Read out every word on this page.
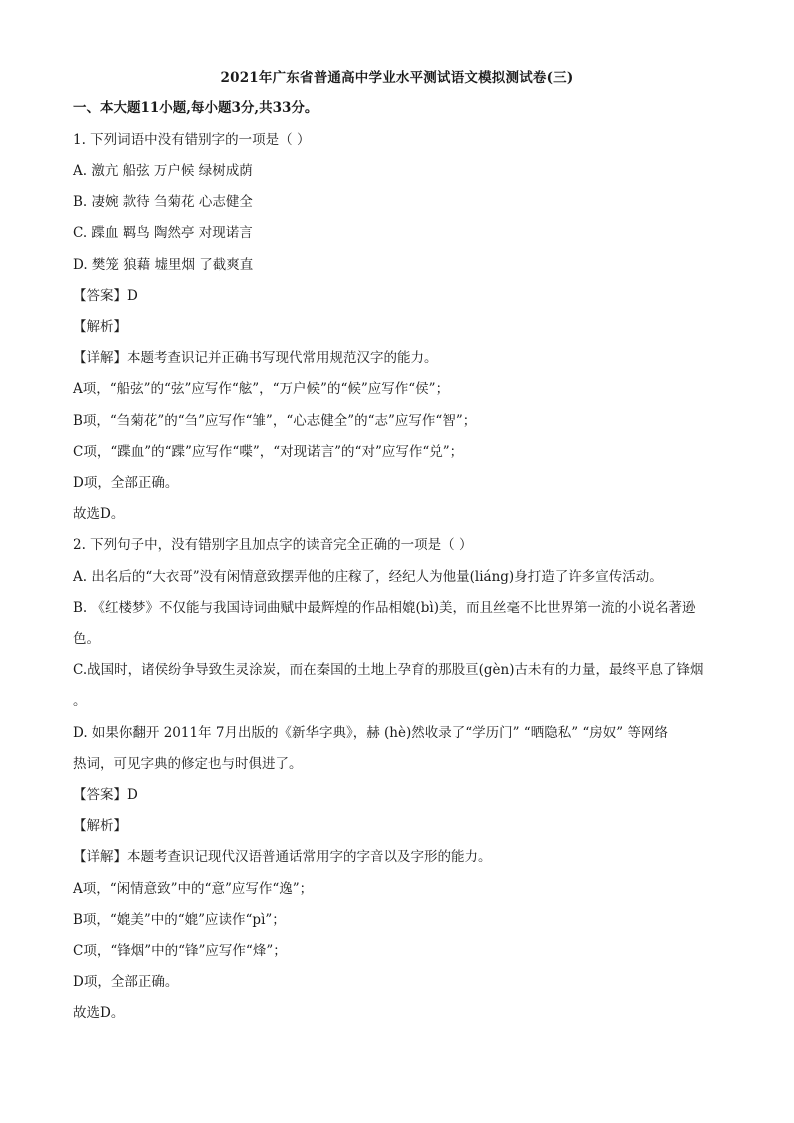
2021年广东省普通高中学业水平测试语文模拟测试卷(三)
一、本大题11小题,每小题3分,共33分。
1. 下列词语中没有错别字的一项是（ ）
A. 激亢 船弦 万户候 绿树成荫
B. 凄婉 款待 刍菊花 心志健全
C. 蹀血 羁鸟 陶然亭 对现诺言
D. 樊笼 狼藉 墟里烟 了截爽直
【答案】D
【解析】
【详解】本题考查识记并正确书写现代常用规范汉字的能力。
A项，“船弦”的“弦”应写作“舷”，“万户候”的“候”应写作“侯”；
B项，“刍菊花”的“刍”应写作“雏”，“心志健全”的“志”应写作“智”；
C项，“蹀血”的“蹀”应写作“喋”，“对现诺言”的“对”应写作“兑”；
D项，全部正确。
故选D。
2. 下列句子中，没有错别字且加点字的读音完全正确的一项是（ ）
A. 出名后的“大衣哥”没有闲情意致摆弄他的庄稼了，经纪人为他量(liáng)身打造了许多宣传活动。
B. 《红楼梦》不仅能与我国诗词曲赋中最辉煌的作品相媲(bì)美，而且丝毫不比世界第一流的小说名著逊
色。
C.战国时，诸侯纷争导致生灵涂炭，而在秦国的土地上孕育的那股亘(gèn)古未有的力量，最终平息了锋烟
。
D. 如果你翻开 2011年 7月出版的《新华字典》，赫 (hè)然收录了“学历门” “晒隐私” “房奴” 等网络
热词，可见字典的修定也与时俱进了。
【答案】D
【解析】
【详解】本题考查识记现代汉语普通话常用字的字音以及字形的能力。
A项，“闲情意致”中的“意”应写作“逸”；
B项，“媲美”中的“媲”应读作“pì”；
C项，“锋烟”中的“锋”应写作“烽”；
D项，全部正确。
故选D。
